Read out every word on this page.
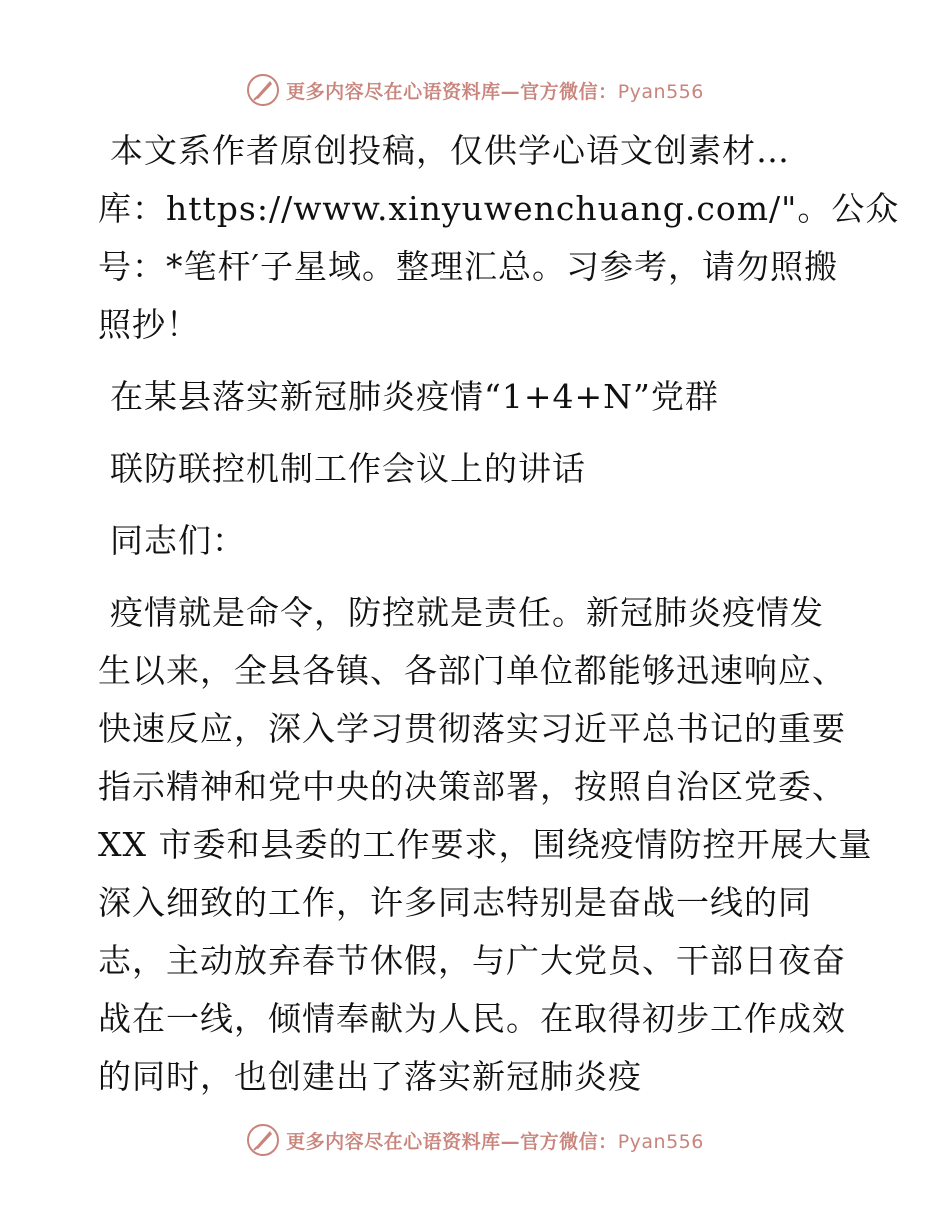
更多内容尽在心语资料库—官方微信：Pyan556
本文系作者原创投稿，仅供学心语文创素材…
库：https://www.xinyuwenchuang.com/"。公众
号：*笔杆′子星域。整理汇总。习参考，请勿照搬
照抄！
在某县落实新冠肺炎疫情“1+4+N”党群
联防联控机制工作会议上的讲话
同志们：
疫情就是命令，防控就是责任。新冠肺炎疫情发
生以来，全县各镇、各部门单位都能够迅速响应、
快速反应，深入学习贯彻落实习近平总书记的重要
指示精神和党中央的决策部署，按照自治区党委、
XX 市委和县委的工作要求，围绕疫情防控开展大量
深入细致的工作，许多同志特别是奋战一线的同
志，主动放弃春节休假，与广大党员、干部日夜奋
战在一线，倾情奉献为人民。在取得初步工作成效
的同时，也创建出了落实新冠肺炎疫
更多内容尽在心语资料库—官方微信：Pyan556
